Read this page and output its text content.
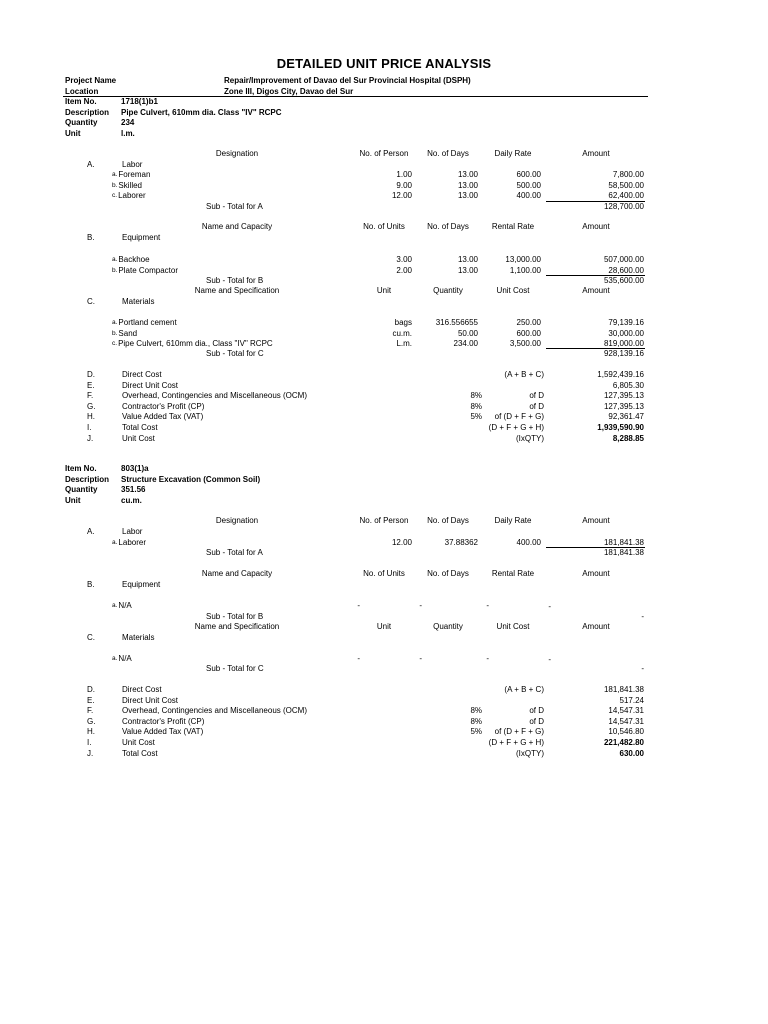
DETAILED UNIT PRICE ANALYSIS
Project Name	Repair/Improvement of Davao del Sur Provincial Hospital (DSPH)
Location	Zone III, Digos City, Davao del Sur
Item No.	1718(1)b1
Description Pipe Culvert, 610mm dia. Class "IV" RCPC
Quantity	234
Unit	l.m.
Designation	No. of Person	No. of Days	Daily Rate	Amount
A.	Labor
a.Foreman	1.00	13.00	600.00	7,800.00
b.Skilled	9.00	13.00	500.00	58,500.00
c.Laborer	12.00	13.00	400.00	62,400.00
Sub - Total for A	128,700.00
Name and Capacity	No. of Units	No. of Days	Rental Rate	Amount
B.	Equipment
a.Backhoe	3.00	13.00	13,000.00	507,000.00
b.Plate Compactor	2.00	13.00	1,100.00	28,600.00
Sub - Total for B	535,600.00
Name and Specification	Unit	Quantity	Unit Cost	Amount
C.	Materials
a.Portland cement	bags	316.556655	250.00	79,139.16
b.Sand	cu.m.	50.00	600.00	30,000.00
c.Pipe Culvert, 610mm dia., Class "IV" RCPC	L.m.	234.00	3,500.00	819,000.00
Sub - Total for C	928,139.16
D.	Direct Cost	(A + B + C)	1,592,439.16
E.	Direct Unit Cost	6,805.30
F.	Overhead, Contingencies and Miscellaneous (OCM)	8%	of D	127,395.13
G.	Contractor's Profit (CP)	8%	of D	127,395.13
H.	Value Added Tax (VAT)	5%	of (D + F + G)	92,361.47
I.	Total Cost	(D + F + G + H)	1,939,590.90
J.	Unit Cost	(IxQTY)	8,288.85
Item No.	803(1)a
Description Structure Excavation (Common Soil)
Quantity	351.56
Unit	cu.m.
Designation	No. of Person	No. of Days	Daily Rate	Amount
A.	Labor
a.Laborer	12.00	37.88362	400.00	181,841.38
Sub - Total for A	181,841.38
Name and Capacity	No. of Units	No. of Days	Rental Rate	Amount
B.	Equipment
a.N/A	-	-	-	-
Sub - Total for B	-
Name and Specification	Unit	Quantity	Unit Cost	Amount
C.	Materials
a.N/A	-	-	-	-
Sub - Total for C	-
D.	Direct Cost	(A + B + C)	181,841.38
E.	Direct Unit Cost	517.24
F.	Overhead, Contingencies and Miscellaneous (OCM)	8%	of D	14,547.31
G.	Contractor's Profit (CP)	8%	of D	14,547.31
H.	Value Added Tax (VAT)	5%	of (D + F + G)	10,546.80
I.	Unit Cost	(D + F + G + H)	221,482.80
J.	Total Cost	(IxQTY)	630.00
